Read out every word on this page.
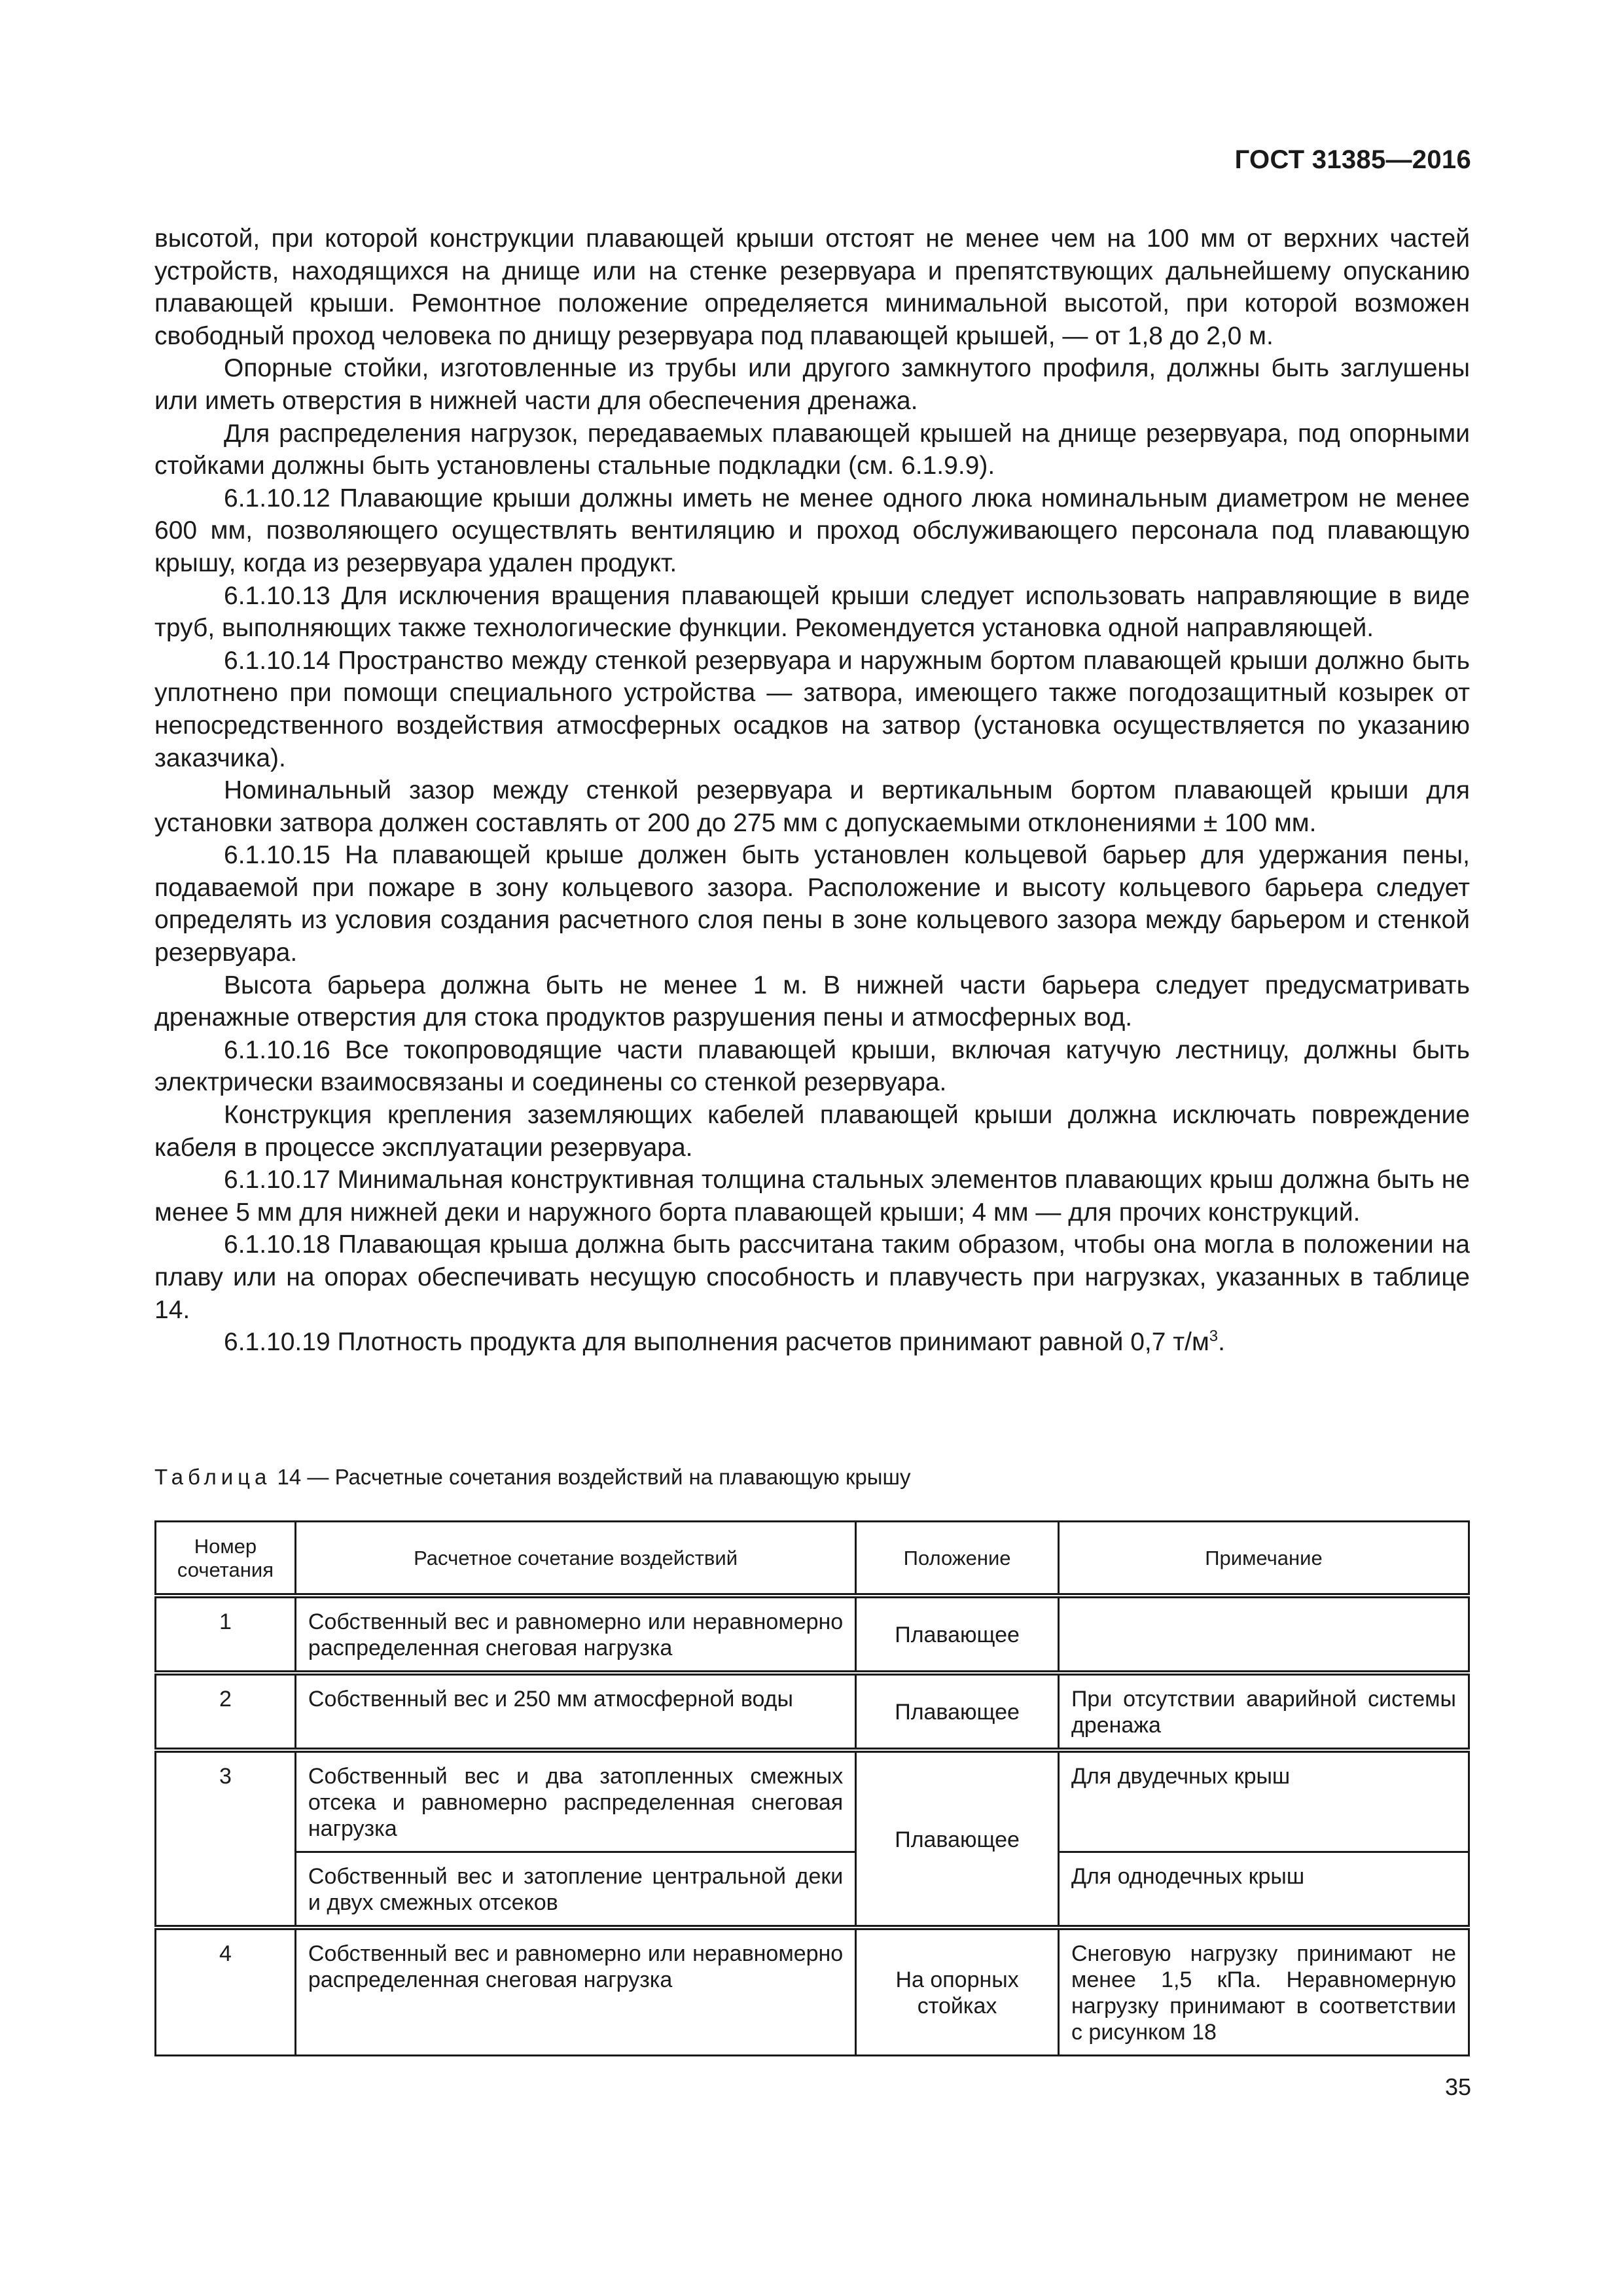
ГОСТ 31385—2016

высотой, при которой конструкции плавающей крыши отстоят не менее чем на 100 мм от верхних частей устройств, находящихся на днище или на стенке резервуара и препятствующих дальнейшему опусканию плавающей крыши. Ремонтное положение определяется минимальной высотой, при которой возможен свободный проход человека по днищу резервуара под плавающей крышей, — от 1,8 до 2,0 м.

Опорные стойки, изготовленные из трубы или другого замкнутого профиля, должны быть заглушены или иметь отверстия в нижней части для обеспечения дренажа.

Для распределения нагрузок, передаваемых плавающей крышей на днище резервуара, под опорными стойками должны быть установлены стальные подкладки (см. 6.1.9.9).

6.1.10.12 Плавающие крыши должны иметь не менее одного люка номинальным диаметром не менее 600 мм, позволяющего осуществлять вентиляцию и проход обслуживающего персонала под плавающую крышу, когда из резервуара удален продукт.

6.1.10.13 Для исключения вращения плавающей крыши следует использовать направляющие в виде труб, выполняющих также технологические функции. Рекомендуется установка одной направляющей.

6.1.10.14 Пространство между стенкой резервуара и наружным бортом плавающей крыши должно быть уплотнено при помощи специального устройства — затвора, имеющего также погодозащитный козырек от непосредственного воздействия атмосферных осадков на затвор (установка осуществляется по указанию заказчика).

Номинальный зазор между стенкой резервуара и вертикальным бортом плавающей крыши для установки затвора должен составлять от 200 до 275 мм с допускаемыми отклонениями ± 100 мм.

6.1.10.15 На плавающей крыше должен быть установлен кольцевой барьер для удержания пены, подаваемой при пожаре в зону кольцевого зазора. Расположение и высоту кольцевого барьера следует определять из условия создания расчетного слоя пены в зоне кольцевого зазора между барьером и стенкой резервуара.

Высота барьера должна быть не менее 1 м. В нижней части барьера следует предусматривать дренажные отверстия для стока продуктов разрушения пены и атмосферных вод.

6.1.10.16 Все токопроводящие части плавающей крыши, включая катучую лестницу, должны быть электрически взаимосвязаны и соединены со стенкой резервуара.

Конструкция крепления заземляющих кабелей плавающей крыши должна исключать повреждение кабеля в процессе эксплуатации резервуара.

6.1.10.17 Минимальная конструктивная толщина стальных элементов плавающих крыш должна быть не менее 5 мм для нижней деки и наружного борта плавающей крыши; 4 мм — для прочих конструкций.

6.1.10.18 Плавающая крыша должна быть рассчитана таким образом, чтобы она могла в положении на плаву или на опорах обеспечивать несущую способность и плавучесть при нагрузках, указанных в таблице 14.

6.1.10.19 Плотность продукта для выполнения расчетов принимают равной 0,7 $т/м^3$.

Таблица 14 — Расчетные сочетания воздействий на плавающую крышу
Номер сочетания	Расчетное сочетание воздействий	Положение	Примечание
1	Собственный вес и равномерно или неравномерно распределенная снеговая нагрузка	Плавающее	
2	Собственный вес и 250 мм атмосферной воды	Плавающее	При отсутствии аварийной системы дренажа
3	Собственный вес и два затопленных смежных отсека и равномерно распределенная снеговая нагрузка	Плавающее	Для двудечных крыш
	Собственный вес и затопление центральной деки и двух смежных отсеков		Для однодечных крыш
4	Собственный вес и равномерно или неравномерно распределенная снеговая нагрузка	На опорных стойках	Снеговую нагрузку принимают не менее 1,5 кПа. Неравномерную нагрузку принимают в соответствии с рисунком 18
35
